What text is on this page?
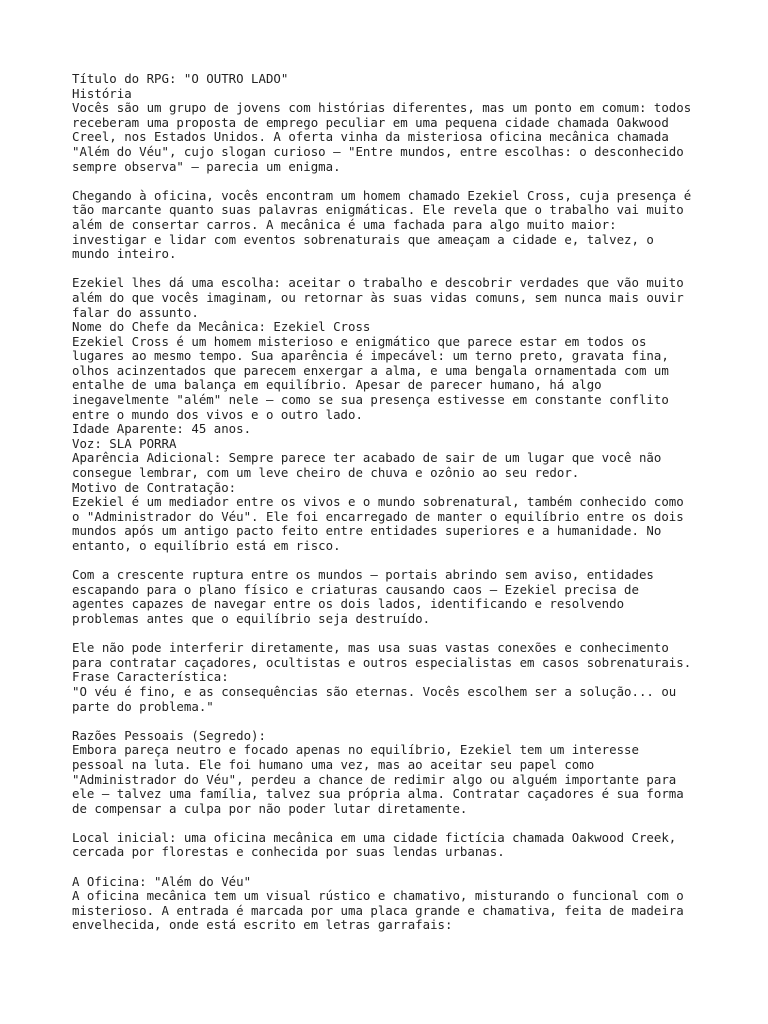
Título do RPG: "O OUTRO LADO"
História
Vocês são um grupo de jovens com histórias diferentes, mas um ponto em comum: todos
receberam uma proposta de emprego peculiar em uma pequena cidade chamada Oakwood
Creel, nos Estados Unidos. A oferta vinha da misteriosa oficina mecânica chamada
"Além do Véu", cujo slogan curioso — "Entre mundos, entre escolhas: o desconhecido
sempre observa" — parecia um enigma.
Chegando à oficina, vocês encontram um homem chamado Ezekiel Cross, cuja presença é
tão marcante quanto suas palavras enigmáticas. Ele revela que o trabalho vai muito
além de consertar carros. A mecânica é uma fachada para algo muito maior:
investigar e lidar com eventos sobrenaturais que ameaçam a cidade e, talvez, o
mundo inteiro.
Ezekiel lhes dá uma escolha: aceitar o trabalho e descobrir verdades que vão muito
além do que vocês imaginam, ou retornar às suas vidas comuns, sem nunca mais ouvir
falar do assunto.
Nome do Chefe da Mecânica: Ezekiel Cross
Ezekiel Cross é um homem misterioso e enigmático que parece estar em todos os
lugares ao mesmo tempo. Sua aparência é impecável: um terno preto, gravata fina,
olhos acinzentados que parecem enxergar a alma, e uma bengala ornamentada com um
entalhe de uma balança em equilíbrio. Apesar de parecer humano, há algo
inegavelmente "além" nele — como se sua presença estivesse em constante conflito
entre o mundo dos vivos e o outro lado.
Idade Aparente: 45 anos.
Voz: SLA PORRA
Aparência Adicional: Sempre parece ter acabado de sair de um lugar que você não
consegue lembrar, com um leve cheiro de chuva e ozônio ao seu redor.
Motivo de Contratação:
Ezekiel é um mediador entre os vivos e o mundo sobrenatural, também conhecido como
o "Administrador do Véu". Ele foi encarregado de manter o equilíbrio entre os dois
mundos após um antigo pacto feito entre entidades superiores e a humanidade. No
entanto, o equilíbrio está em risco.
Com a crescente ruptura entre os mundos — portais abrindo sem aviso, entidades
escapando para o plano físico e criaturas causando caos — Ezekiel precisa de
agentes capazes de navegar entre os dois lados, identificando e resolvendo
problemas antes que o equilíbrio seja destruído.
Ele não pode interferir diretamente, mas usa suas vastas conexões e conhecimento
para contratar caçadores, ocultistas e outros especialistas em casos sobrenaturais.
Frase Característica:
"O véu é fino, e as consequências são eternas. Vocês escolhem ser a solução... ou
parte do problema."
Razões Pessoais (Segredo):
Embora pareça neutro e focado apenas no equilíbrio, Ezekiel tem um interesse
pessoal na luta. Ele foi humano uma vez, mas ao aceitar seu papel como
"Administrador do Véu", perdeu a chance de redimir algo ou alguém importante para
ele — talvez uma família, talvez sua própria alma. Contratar caçadores é sua forma
de compensar a culpa por não poder lutar diretamente.
Local inicial: uma oficina mecânica em uma cidade fictícia chamada Oakwood Creek,
cercada por florestas e conhecida por suas lendas urbanas.
A Oficina: "Além do Véu"
A oficina mecânica tem um visual rústico e chamativo, misturando o funcional com o
misterioso. A entrada é marcada por uma placa grande e chamativa, feita de madeira
envelhecida, onde está escrito em letras garrafais:
